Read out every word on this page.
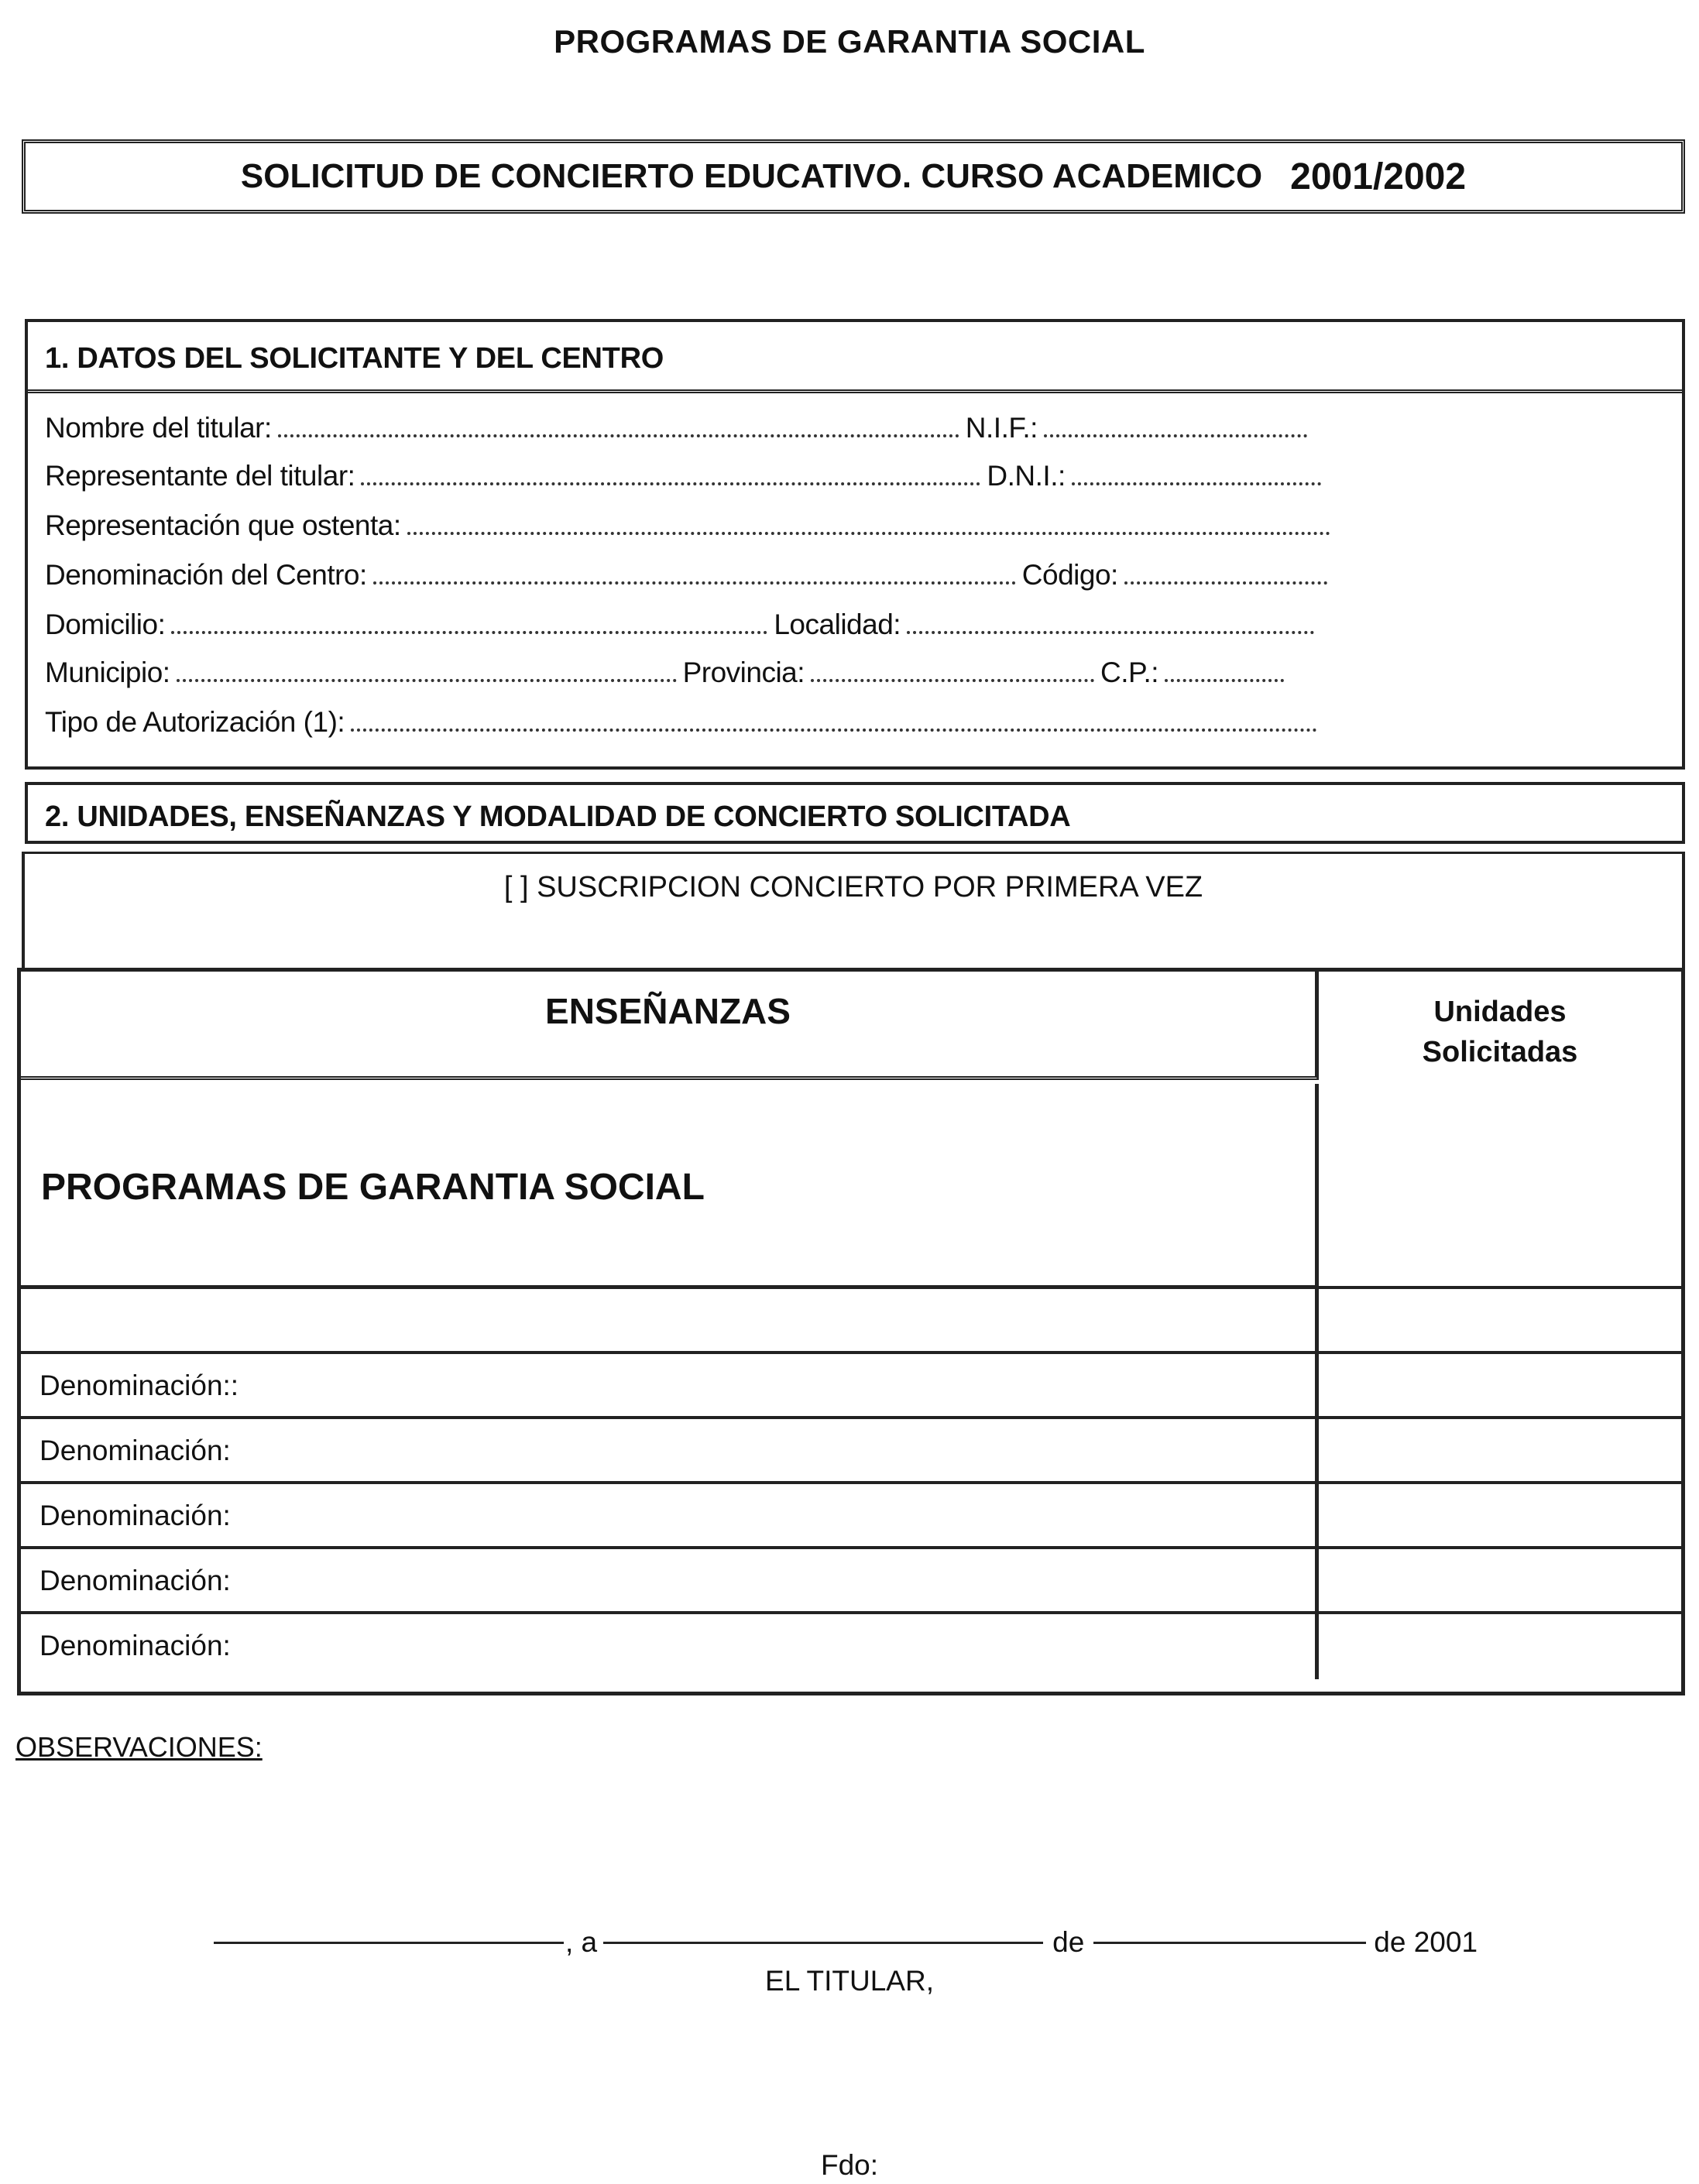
PROGRAMAS DE GARANTIA SOCIAL
SOLICITUD DE CONCIERTO EDUCATIVO. CURSO ACADEMICO 2001/2002
1. DATOS DEL SOLICITANTE Y DEL CENTRO
Nombre del titular:	N.I.F.:
Representante del titular:	D.N.I.:
Representación que ostenta:
Denominación del Centro:	Código:
Domicilio:	Localidad:
Municipio:	Provincia:	C.P.:
Tipo de Autorización (1):
2. UNIDADES, ENSEÑANZAS Y MODALIDAD DE CONCIERTO SOLICITADA
[ ] SUSCRIPCION CONCIERTO POR PRIMERA VEZ
ENSEÑANZAS	Unidades
Solicitadas
PROGRAMAS DE GARANTIA SOCIAL
Denominación::
Denominación:
Denominación:
Denominación:
Denominación:
OBSERVACIONES:
, a	de	de 2001
EL TITULAR,
Fdo:
